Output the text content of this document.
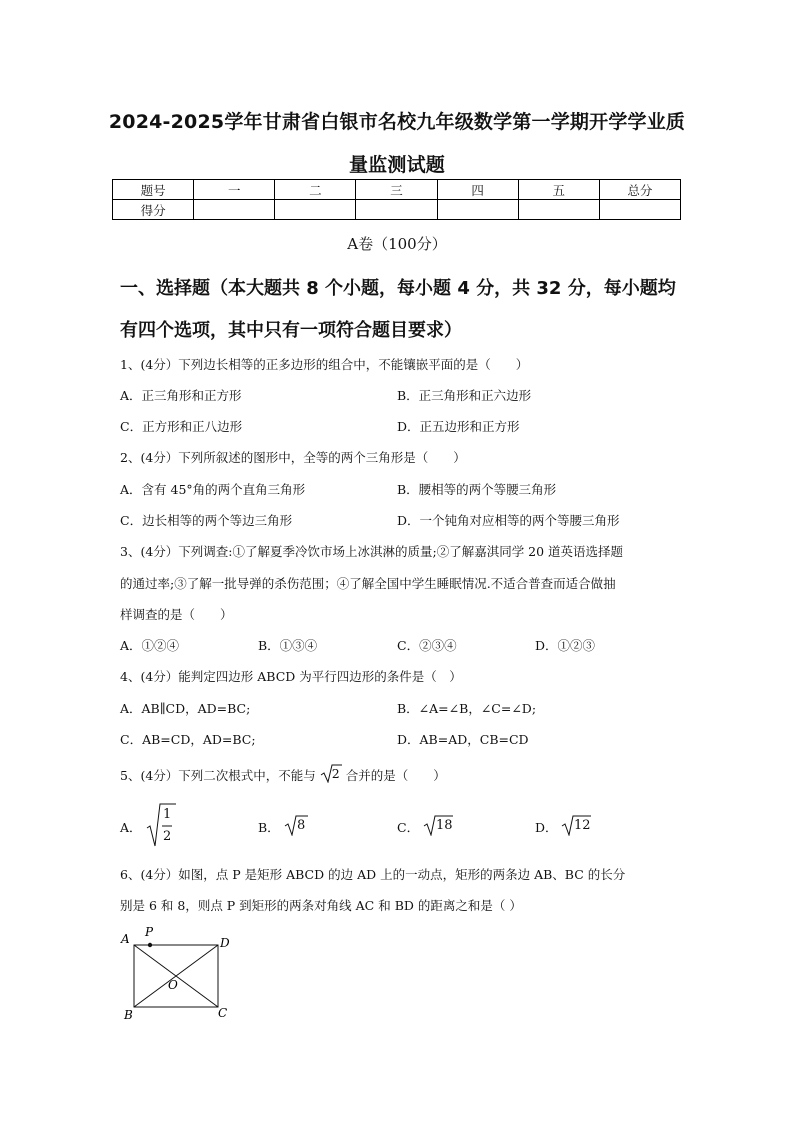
2024-2025学年甘肃省白银市名校九年级数学第一学期开学学业质
量监测试题
题号	一	二	三	四	五	总分
得分						
A卷（100分）
一、选择题（本大题共 8 个小题，每小题 4 分，共 32 分，每小题均
有四个选项，其中只有一项符合题目要求）
1、(4分）下列边长相等的正多边形的组合中，不能镶嵌平面的是（　　）
A．正三角形和正方形	B．正三角形和正六边形
C．正方形和正八边形	D．正五边形和正方形
2、(4分）下列所叙述的图形中，全等的两个三角形是（　　）
A．含有 45°角的两个直角三角形	B．腰相等的两个等腰三角形
C．边长相等的两个等边三角形	D．一个钝角对应相等的两个等腰三角形
3、(4分）下列调查:①了解夏季冷饮市场上冰淇淋的质量;②了解嘉淇同学 20 道英语选择题
的通过率;③了解一批导弹的杀伤范围；④了解全国中学生睡眠情况.不适合普查而适合做抽
样调查的是（　　）
A．①②④	B．①③④	C．②③④	D．①②③
4、(4分）能判定四边形 ABCD 为平行四边形的条件是（　）
A．AB∥CD，AD=BC;	B．∠A=∠B，∠C=∠D;
C．AB=CD，AD=BC;	D．AB=AD，CB=CD
5、(4分）下列二次根式中，不能与 2 合并的是（　　）
A．
1
2
B． 8	C． 18	D． 12
6、(4分）如图，点 P 是矩形 ABCD 的边 AD 上的一动点，矩形的两条边 AB、BC 的长分
别是 6 和 8，则点 P 到矩形的两条对角线 AC 和 BD 的距离之和是（ ）
A P
D
B	C
O
